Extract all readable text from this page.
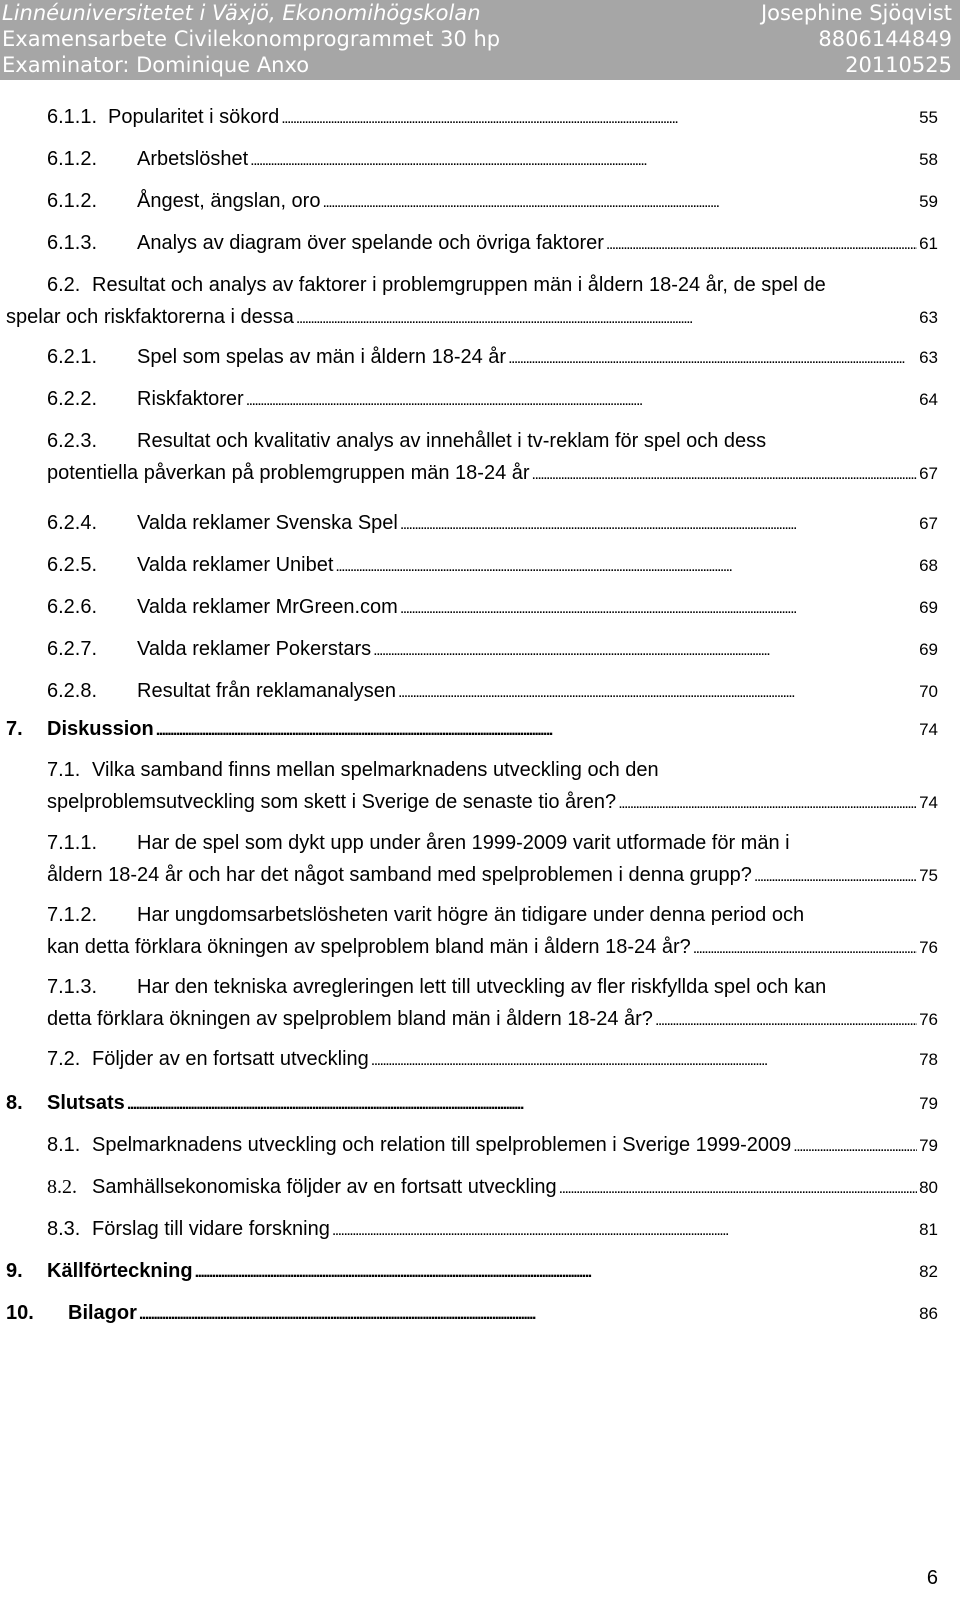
Linnéuniversitetet i Växjö, Ekonomihögskolan	Josephine Sjöqvist
Examensarbete Civilekonomprogrammet 30 hp	8806144849
Examinator: Dominique Anxo	20110525
6.1.1. Popularitet i sökord . . .	55
6.1.2. Arbetslöshet . . .	58
6.1.2. Ångest, ängslan, oro . . .	59
6.1.3. Analys av diagram över spelande och övriga faktorer . . .	61
6.2. Resultat och analys av faktorer i problemgruppen män i åldern 18-24 år, de spel de
spelar och riskfaktorerna i dessa . . .	63
6.2.1. Spel som spelas av män i åldern 18-24 år . . .	63
6.2.2. Riskfaktorer . . .	64
6.2.3. Resultat och kvalitativ analys av innehållet i tv-reklam för spel och dess
potentiella påverkan på problemgruppen män 18-24 år . . .	67
6.2.4. Valda reklamer Svenska Spel . . .	67
6.2.5. Valda reklamer Unibet . . .	68
6.2.6. Valda reklamer MrGreen.com . . .	69
6.2.7. Valda reklamer Pokerstars . . .	69
6.2.8. Resultat från reklamanalysen . . .	70
7. Diskussion . . .	74
7.1. Vilka samband finns mellan spelmarknadens utveckling och den
spelproblemsutveckling som skett i Sverige de senaste tio åren? . . .	74
7.1.1. Har de spel som dykt upp under åren 1999-2009 varit utformade för män i
åldern 18-24 år och har det något samband med spelproblemen i denna grupp? . . .	75
7.1.2. Har ungdomsarbetslösheten varit högre än tidigare under denna period och
kan detta förklara ökningen av spelproblem bland män i åldern 18-24 år? . . .	76
7.1.3. Har den tekniska avregleringen lett till utveckling av fler riskfyllda spel och kan
detta förklara ökningen av spelproblem bland män i åldern 18-24 år? . . .	76
7.2. Följder av en fortsatt utveckling . . .	78
8. Slutsats . . .	79
8.1. Spelmarknadens utveckling och relation till spelproblemen i Sverige 1999-2009 . . .	79
8.2. Samhällsekonomiska följder av en fortsatt utveckling . . .	80
8.3. Förslag till vidare forskning . . .	81
9. Källförteckning . . .	82
10. Bilagor . . .	86
6
